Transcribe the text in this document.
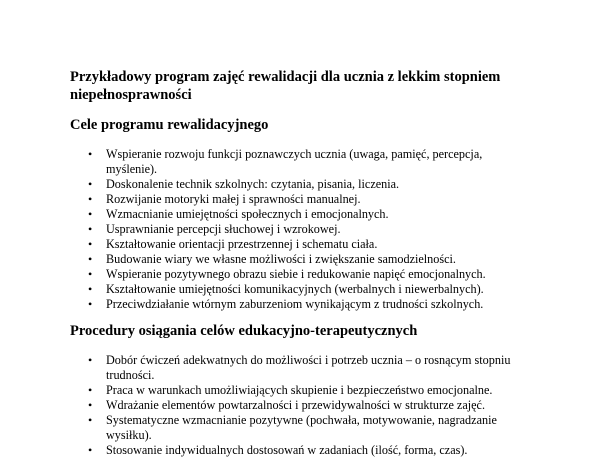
Przykładowy program zajęć rewalidacji dla ucznia z lekkim stopniem niepełnosprawności
Cele programu rewalidacyjnego
• Wspieranie rozwoju funkcji poznawczych ucznia (uwaga, pamięć, percepcja, myślenie).
• Doskonalenie technik szkolnych: czytania, pisania, liczenia.
• Rozwijanie motoryki małej i sprawności manualnej.
• Wzmacnianie umiejętności społecznych i emocjonalnych.
• Usprawnianie percepcji słuchowej i wzrokowej.
• Kształtowanie orientacji przestrzennej i schematu ciała.
• Budowanie wiary we własne możliwości i zwiększanie samodzielności.
• Wspieranie pozytywnego obrazu siebie i redukowanie napięć emocjonalnych.
• Kształtowanie umiejętności komunikacyjnych (werbalnych i niewerbalnych).
• Przeciwdziałanie wtórnym zaburzeniom wynikającym z trudności szkolnych.
Procedury osiągania celów edukacyjno-terapeutycznych
• Dobór ćwiczeń adekwatnych do możliwości i potrzeb ucznia – o rosnącym stopniu trudności.
• Praca w warunkach umożliwiających skupienie i bezpieczeństwo emocjonalne.
• Wdrażanie elementów powtarzalności i przewidywalności w strukturze zajęć.
• Systematyczne wzmacnianie pozytywne (pochwała, motywowanie, nagradzanie wysiłku).
• Stosowanie indywidualnych dostosowań w zadaniach (ilość, forma, czas).
